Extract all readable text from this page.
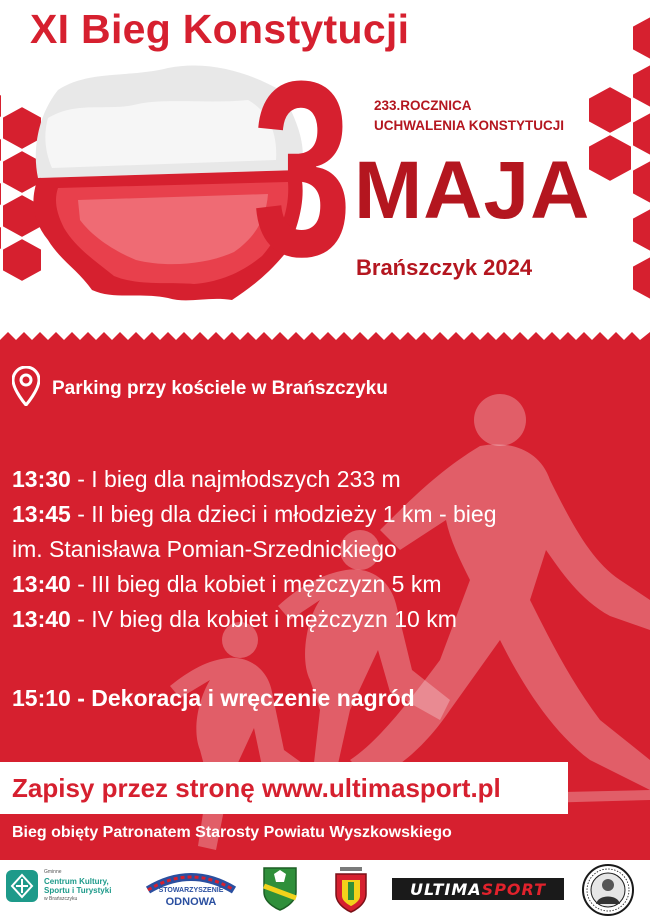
XI Bieg Konstytucji
3 233.ROCZNICA
UCHWALENIA KONSTYTUCJI
MAJA
Brańszczyk 2024
Parking przy kościele w Brańszczyku
13:30 - I bieg dla najmłodszych 233 m
13:45 - II bieg dla dzieci i młodzieży 1 km - bieg
im. Stanisława Pomian-Srzednickiego
13:40 - III bieg dla kobiet i mężczyzn 5 km
13:40 - IV bieg dla kobiet i mężczyzn 10 km
15:10 - Dekoracja i wręczenie nagród
Zapisy przez stronę www.ultimasport.pl
Bieg obięty Patronatem Starosty Powiatu Wyszkowskiego
Gminne
Centrum Kultury,
Sportu i Turystyki
w Brańszczyku
STOWARZYSZENIE
ODNOWA
ULTIMA SPORT
